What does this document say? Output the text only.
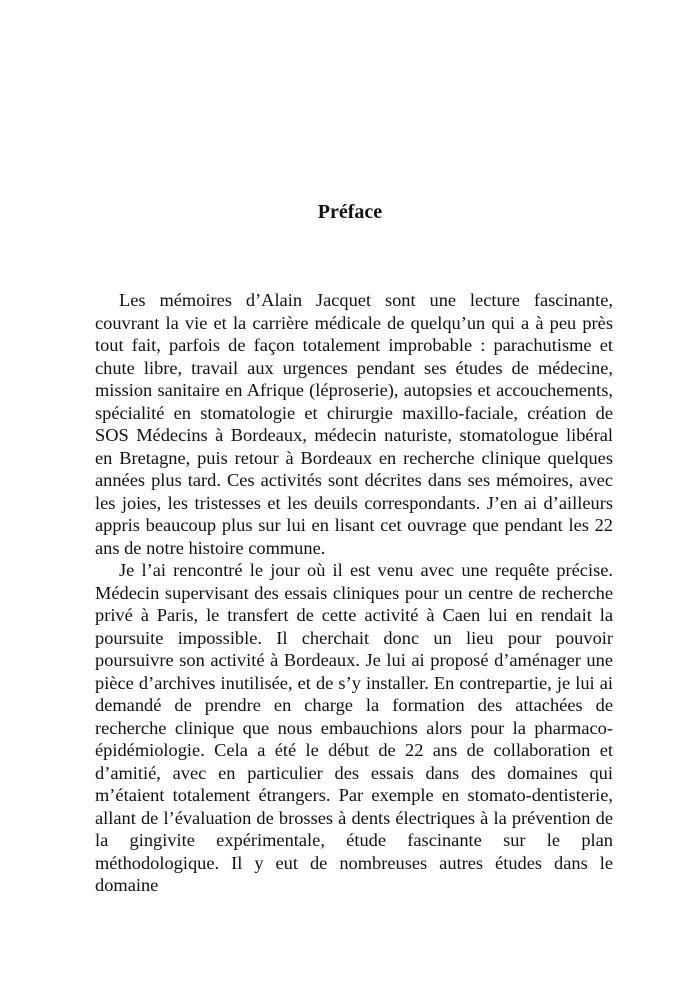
Préface

Les mémoires d’Alain Jacquet sont une lecture fascinante, couvrant la vie et la carrière médicale de quelqu’un qui a à peu près tout fait, parfois de façon totalement improbable : parachutisme et chute libre, travail aux urgences pendant ses études de médecine, mission sanitaire en Afrique (léproserie), autopsies et accouchements, spécialité en stomatologie et chirurgie maxillo-faciale, création de SOS Médecins à Bordeaux, médecin naturiste, stomatologue libéral en Bretagne, puis retour à Bordeaux en recherche clinique quelques années plus tard. Ces activités sont décrites dans ses mémoires, avec les joies, les tristesses et les deuils correspondants. J’en ai d’ailleurs appris beaucoup plus sur lui en lisant cet ouvrage que pendant les 22 ans de notre histoire commune.

Je l’ai rencontré le jour où il est venu avec une requête précise. Médecin supervisant des essais cliniques pour un centre de recherche privé à Paris, le transfert de cette activité à Caen lui en rendait la poursuite impossible. Il cherchait donc un lieu pour pouvoir poursuivre son activité à Bordeaux. Je lui ai proposé d’aménager une pièce d’archives inutilisée, et de s’y installer. En contrepartie, je lui ai demandé de prendre en charge la formation des attachées de recherche clinique que nous embauchions alors pour la pharmaco-épidémiologie. Cela a été le début de 22 ans de collaboration et d’amitié, avec en particulier des essais dans des domaines qui m’étaient totalement étrangers. Par exemple en stomato-dentisterie, allant de l’évaluation de brosses à dents électriques à la prévention de la gingivite expérimentale, étude fascinante sur le plan méthodologique. Il y eut de nombreuses autres études dans le domaine
